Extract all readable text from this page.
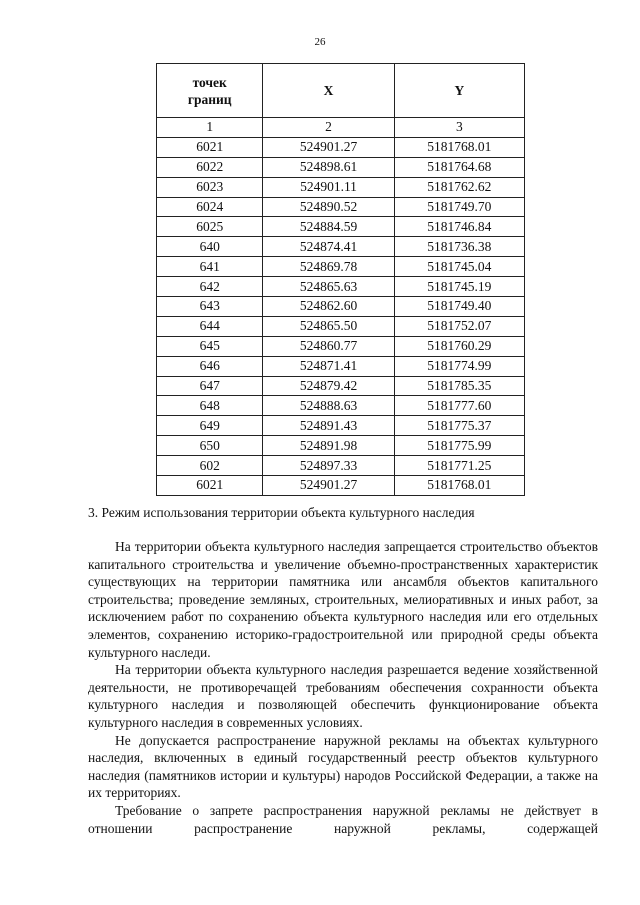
26
точек
границ	X	Y
1	2	3
6021	524901.27	5181768.01
6022	524898.61	5181764.68
6023	524901.11	5181762.62
6024	524890.52	5181749.70
6025	524884.59	5181746.84
640	524874.41	5181736.38
641	524869.78	5181745.04
642	524865.63	5181745.19
643	524862.60	5181749.40
644	524865.50	5181752.07
645	524860.77	5181760.29
646	524871.41	5181774.99
647	524879.42	5181785.35
648	524888.63	5181777.60
649	524891.43	5181775.37
650	524891.98	5181775.99
602	524897.33	5181771.25
6021	524901.27	5181768.01
3. Режим использования территории объекта культурного наследия

На территории объекта культурного наследия запрещается строительство объектов капитального строительства и увеличение объемно-пространственных характеристик существующих на территории памятника или ансамбля объектов капитального строительства; проведение земляных, строительных, мелиоративных и иных работ, за исключением работ по сохранению объекта культурного наследия или его отдельных элементов, сохранению историко-градостроительной или природной среды объекта культурного наследи.

На территории объекта культурного наследия разрешается ведение хозяйственной деятельности, не противоречащей требованиям обеспечения сохранности объекта культурного наследия и позволяющей обеспечить функционирование объекта культурного наследия в современных условиях.

Не допускается распространение наружной рекламы на объектах культурного наследия, включенных в единый государственный реестр объектов культурного наследия (памятников истории и культуры) народов Российской Федерации, а также на их территориях.

Требование о запрете распространения наружной рекламы не действует в отношении распространение наружной рекламы, содержащей
